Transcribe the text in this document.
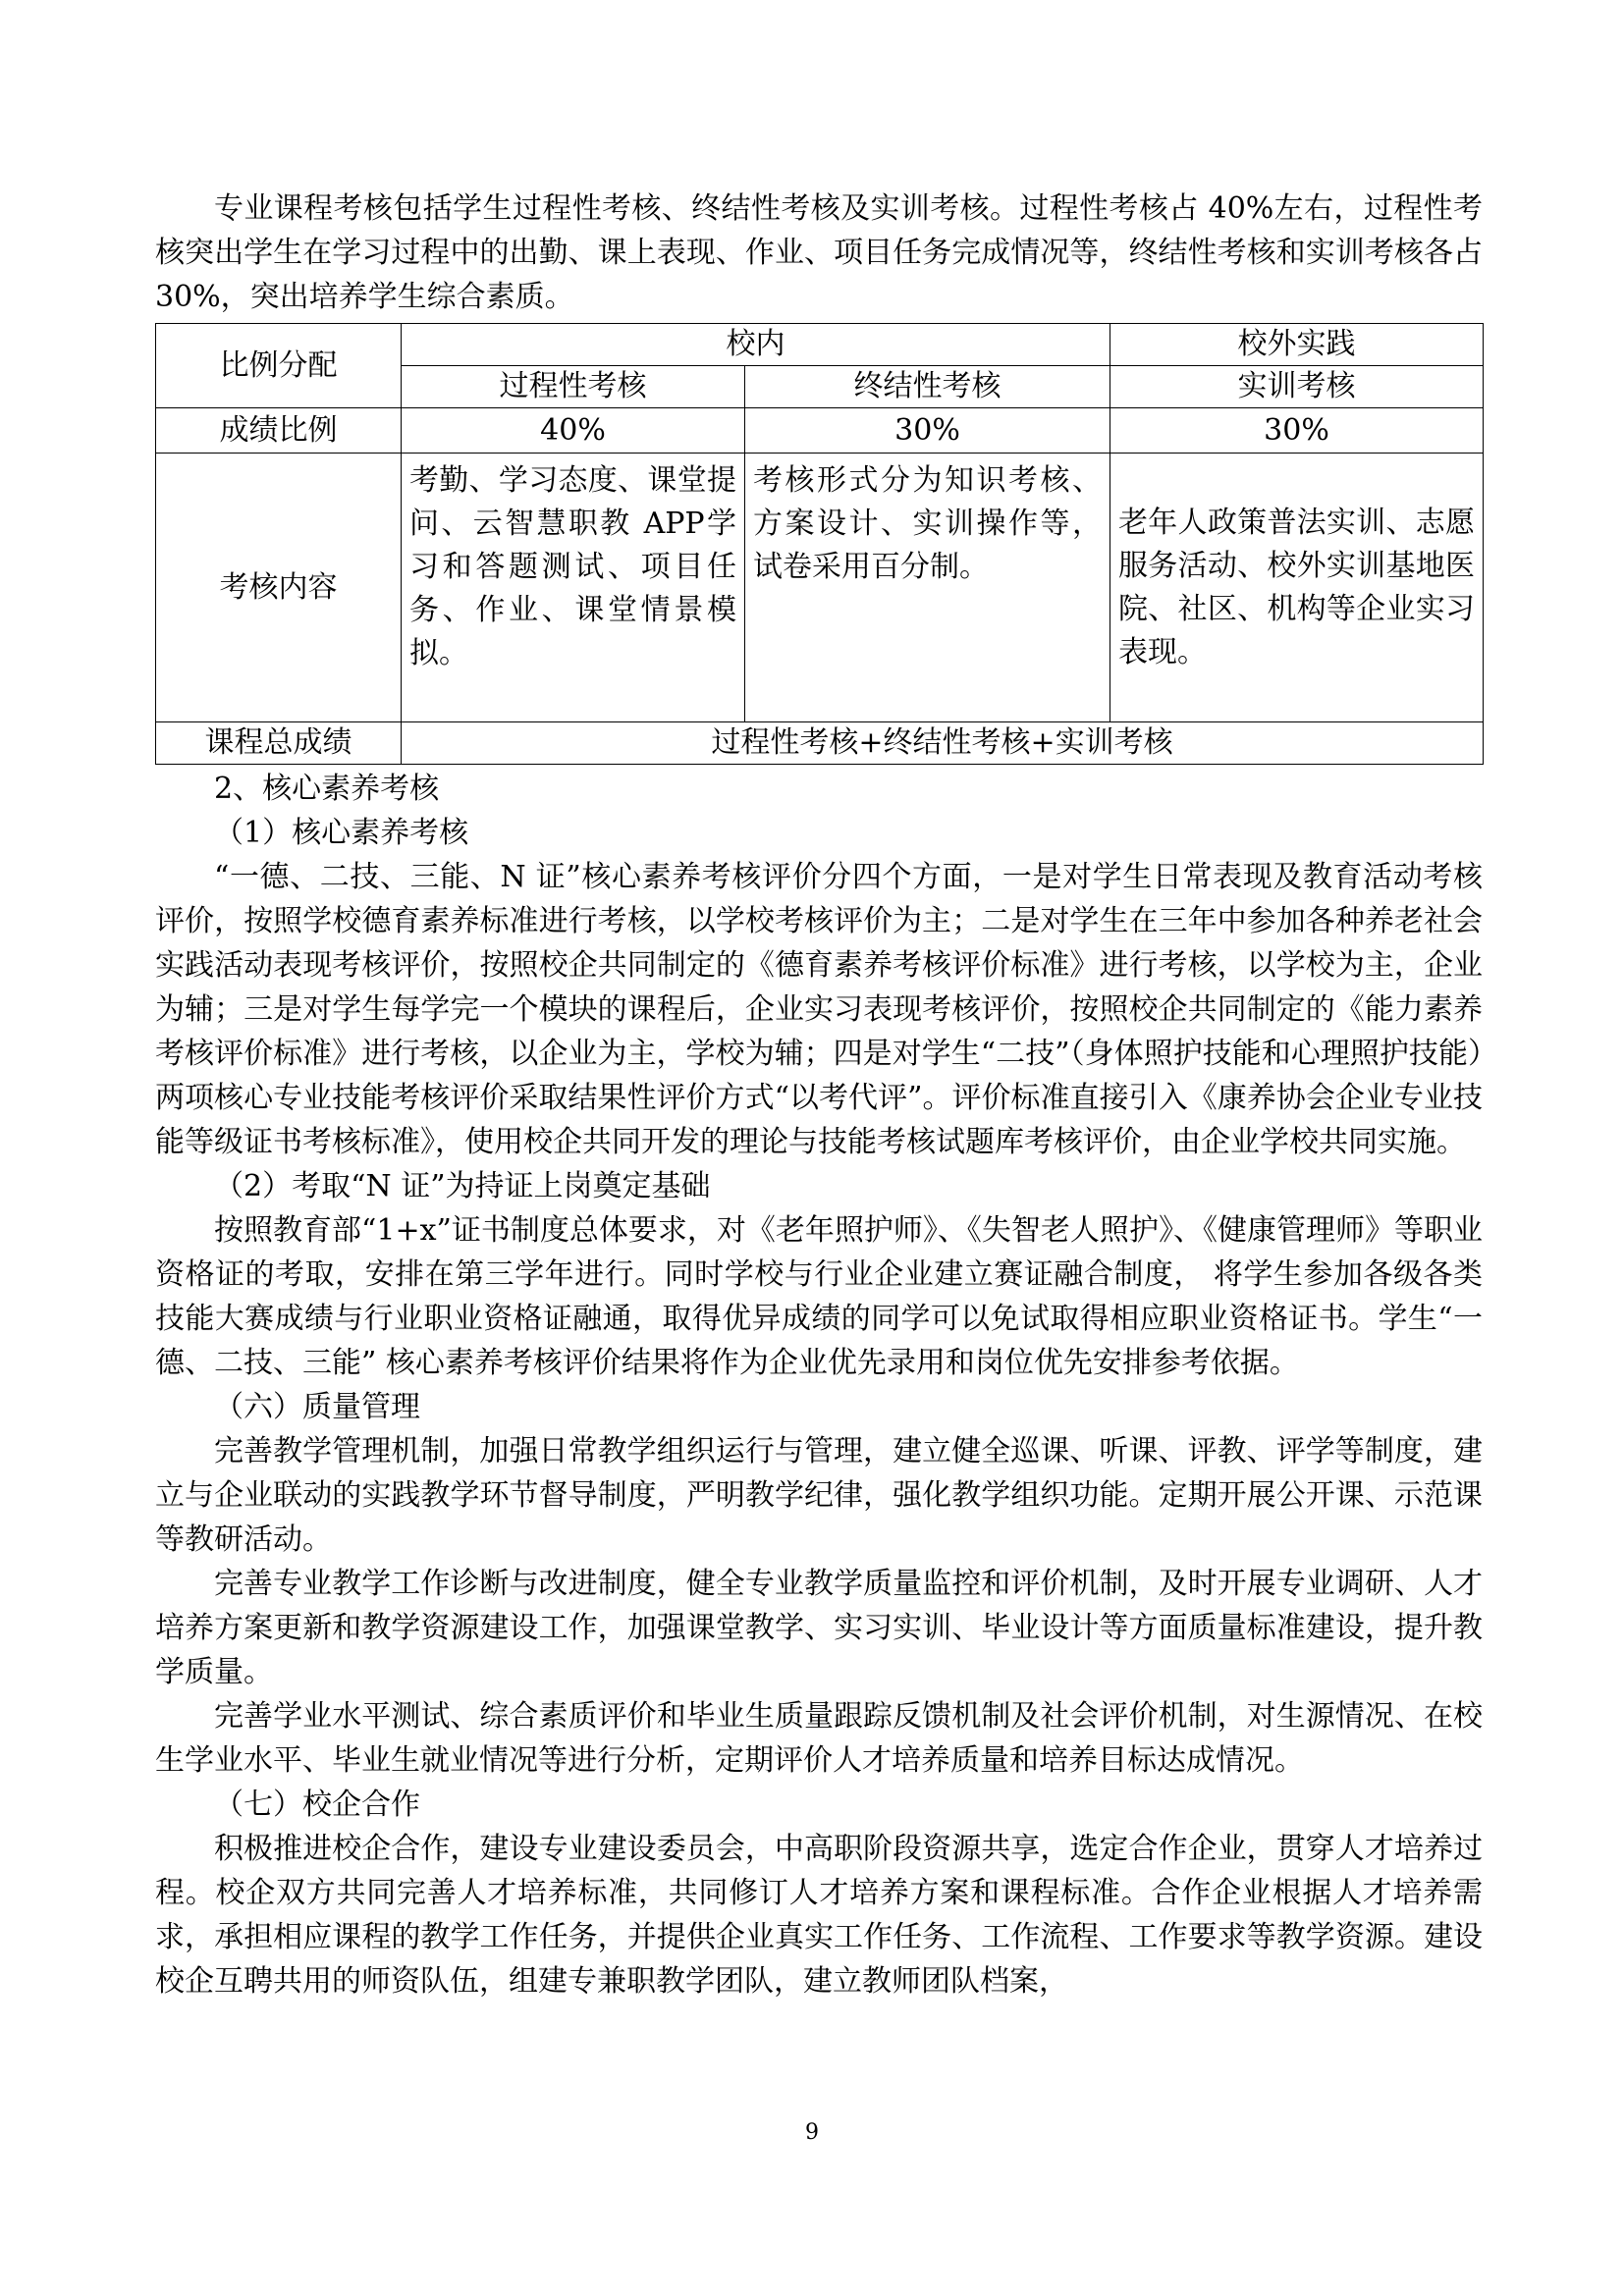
专业课程考核包括学生过程性考核、终结性考核及实训考核。过程性考核占 40%左右，过程性考核突出学生在学习过程中的出勤、课上表现、作业、项目任务完成情况等，终结性考核和实训考核各占 30%，突出培养学生综合素质。

比例分配	校内		校外实践
	过程性考核	终结性考核	实训考核
成绩比例	40%	30%	30%
考核内容	考勤、学习态度、课堂提问、云智慧职教 APP学习和答题测试、项目任务、作业、课堂情景模拟。	考核形式分为知识考核、方案设计、实训操作等，试卷采用百分制。	老年人政策普法实训、志愿服务活动、校外实训基地医院、社区、机构等企业实习表现。
课程总成绩	过程性考核+终结性考核+实训考核		

2、核心素养考核

（1）核心素养考核

“一德、二技、三能、N 证”核心素养考核评价分四个方面，一是对学生日常表现及教育活动考核评价，按照学校德育素养标准进行考核，以学校考核评价为主；二是对学生在三年中参加各种养老社会实践活动表现考核评价，按照校企共同制定的《德育素养考核评价标准》进行考核，以学校为主，企业为辅；三是对学生每学完一个模块的课程后，企业实习表现考核评价，按照校企共同制定的《能力素养考核评价标准》进行考核，以企业为主，学校为辅；四是对学生“二技”（身体照护技能和心理照护技能）两项核心专业技能考核评价采取结果性评价方式“以考代评”。评价标准直接引入《康养协会企业专业技能等级证书考核标准》，使用校企共同开发的理论与技能考核试题库考核评价，由企业学校共同实施。

（2）考取“N 证”为持证上岗奠定基础

按照教育部“1+x”证书制度总体要求，对《老年照护师》、《失智老人照护》、《健康管理师》等职业资格证的考取，安排在第三学年进行。同时学校与行业企业建立赛证融合制度， 将学生参加各级各类技能大赛成绩与行业职业资格证融通，取得优异成绩的同学可以免试取得相应职业资格证书。学生“一德、二技、三能” 核心素养考核评价结果将作为企业优先录用和岗位优先安排参考依据。

（六）质量管理

完善教学管理机制，加强日常教学组织运行与管理，建立健全巡课、听课、评教、评学等制度，建立与企业联动的实践教学环节督导制度，严明教学纪律，强化教学组织功能。定期开展公开课、示范课等教研活动。

完善专业教学工作诊断与改进制度，健全专业教学质量监控和评价机制，及时开展专业调研、人才培养方案更新和教学资源建设工作，加强课堂教学、实习实训、毕业设计等方面质量标准建设，提升教学质量。

完善学业水平测试、综合素质评价和毕业生质量跟踪反馈机制及社会评价机制，对生源情况、在校生学业水平、毕业生就业情况等进行分析，定期评价人才培养质量和培养目标达成情况。

（七）校企合作

积极推进校企合作，建设专业建设委员会，中高职阶段资源共享，选定合作企业，贯穿人才培养过程。校企双方共同完善人才培养标准，共同修订人才培养方案和课程标准。合作企业根据人才培养需求，承担相应课程的教学工作任务，并提供企业真实工作任务、工作流程、工作要求等教学资源。建设校企互聘共用的师资队伍，组建专兼职教学团队，建立教师团队档案，

9
